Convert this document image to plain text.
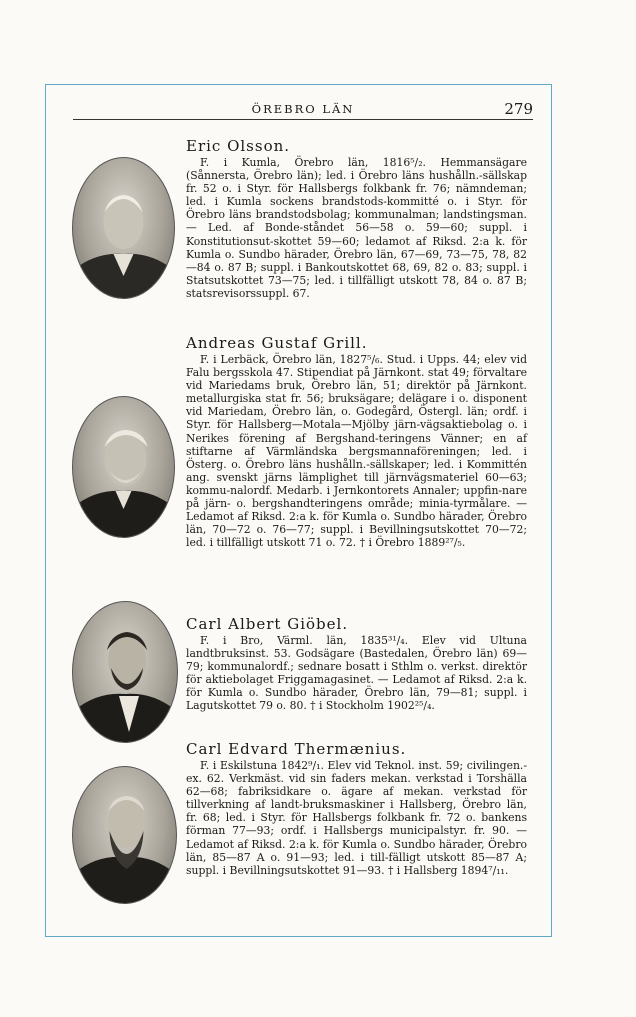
ÖREBRO LÄN	279
Eric Olsson.
F. i Kumla, Örebro län, 1816⁵/₂. Hemmansägare (Sånnersta, Örebro län); led. i Örebro läns hushålln.-sällskap fr. 52 o. i Styr. för Hallsbergs folkbank fr. 76; nämndeman; led. i Kumla sockens brandstods-kommitté o. i Styr. för Örebro läns brandstodsbolag; kommunalman; landstingsman. — Led. af Bonde-ståndet 56—58 o. 59—60; suppl. i Konstitutionsut-skottet 59—60; ledamot af Riksd. 2:a k. för Kumla o. Sundbo härader, Örebro län, 67—69, 73—75, 78, 82 —84 o. 87 B; suppl. i Bankoutskottet 68, 69, 82 o. 83; suppl. i Statsutskottet 73—75; led. i tillfälligt utskott 78, 84 o. 87 B; statsrevisorssuppl. 67.
Andreas Gustaf Grill.
F. i Lerbäck, Örebro län, 1827⁵/₆. Stud. i Upps. 44; elev vid Falu bergsskola 47. Stipendiat på Järnkont. stat 49; förvaltare vid Mariedams bruk, Örebro län, 51; direktör på Järnkont. metallurgiska stat fr. 56; bruksägare; delägare i o. disponent vid Mariedam, Örebro län, o. Godegård, Östergl. län; ordf. i Styr. för Hallsberg—Motala—Mjölby järn-vägsaktiebolag o. i Nerikes förening af Bergshand-teringens Vänner; en af stiftarne af Värmländska bergsmannaföreningen; led. i Österg. o. Örebro läns hushålln.-sällskaper; led. i Kommittén ang. svenskt järns lämplighet till järnvägsmateriel 60—63; kommu-nalordf. Medarb. i Jernkontorets Annaler; uppfin-nare på järn- o. bergshandteringens område; minia-tyrmålare. — Ledamot af Riksd. 2:a k. för Kumla o. Sundbo härader, Örebro län, 70—72 o. 76—77; suppl. i Bevillningsutskottet 70—72; led. i tillfälligt utskott 71 o. 72. † i Örebro 1889²⁷/₅.
Carl Albert Giöbel.
F. i Bro, Värml. län, 1835³¹/₄. Elev vid Ultuna landtbruksinst. 53. Godsägare (Bastedalen, Örebro län) 69—79; kommunalordf.; sednare bosatt i Sthlm o. verkst. direktör för aktiebolaget Friggamagasinet. — Ledamot af Riksd. 2:a k. för Kumla o. Sundbo härader, Örebro län, 79—81; suppl. i Lagutskottet 79 o. 80. † i Stockholm 1902²⁵/₄.
Carl Edvard Thermænius.
F. i Eskilstuna 1842⁹/₁. Elev vid Teknol. inst. 59; civilingen.-ex. 62. Verkmäst. vid sin faders mekan. verkstad i Torshälla 62—68; fabriksidkare o. ägare af mekan. verkstad för tillverkning af landt-bruksmaskiner i Hallsberg, Örebro län, fr. 68; led. i Styr. för Hallsbergs folkbank fr. 72 o. bankens förman 77—93; ordf. i Hallsbergs municipalstyr. fr. 90. — Ledamot af Riksd. 2:a k. för Kumla o. Sundbo härader, Örebro län, 85—87 A o. 91—93; led. i till-fälligt utskott 85—87 A; suppl. i Bevillningsutskottet 91—93. † i Hallsberg 1894⁷/₁₁.
